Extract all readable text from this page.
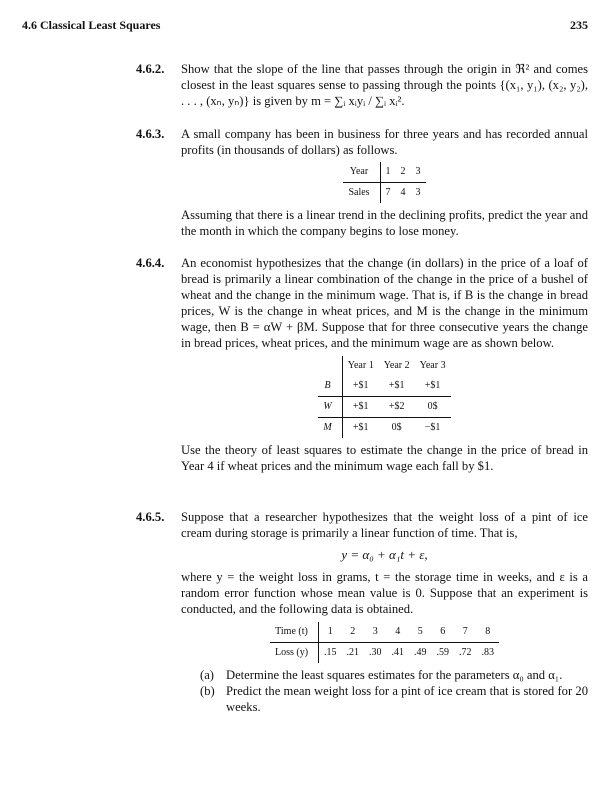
4.6 Classical Least Squares	235
4.6.2. Show that the slope of the line that passes through the origin in ℜ² and comes closest in the least squares sense to passing through the points {(x₁, y₁), (x₂, y₂), . . . , (xₙ, yₙ)} is given by m = ∑ᵢ xᵢyᵢ / ∑ᵢ xᵢ².

4.6.3. A small company has been in business for three years and has recorded annual profits (in thousands of dollars) as follows.

Year	1	2	3
Sales	7	4	3

Assuming that there is a linear trend in the declining profits, predict the year and the month in which the company begins to lose money.

4.6.4. An economist hypothesizes that the change (in dollars) in the price of a loaf of bread is primarily a linear combination of the change in the price of a bushel of wheat and the change in the minimum wage. That is, if B is the change in bread prices, W is the change in wheat prices, and M is the change in the minimum wage, then B = αW + βM. Suppose that for three consecutive years the change in bread prices, wheat prices, and the minimum wage are as shown below.

	Year 1	Year 2	Year 3
B	+$1	+$1	+$1
W	+$1	+$2	0$
M	+$1	0$	−$1

Use the theory of least squares to estimate the change in the price of bread in Year 4 if wheat prices and the minimum wage each fall by $1.

4.6.5. Suppose that a researcher hypothesizes that the weight loss of a pint of ice cream during storage is primarily a linear function of time. That is,

y = α₀ + α₁t + ε,

where y = the weight loss in grams, t = the storage time in weeks, and ε is a random error function whose mean value is 0. Suppose that an experiment is conducted, and the following data is obtained.

Time (t)	1	2	3	4	5	6	7	8
Loss (y)	.15	.21	.30	.41	.49	.59	.72	.83
(a) Determine the least squares estimates for the parameters α₀ and α₁.

(b) Predict the mean weight loss for a pint of ice cream that is stored for 20 weeks.
